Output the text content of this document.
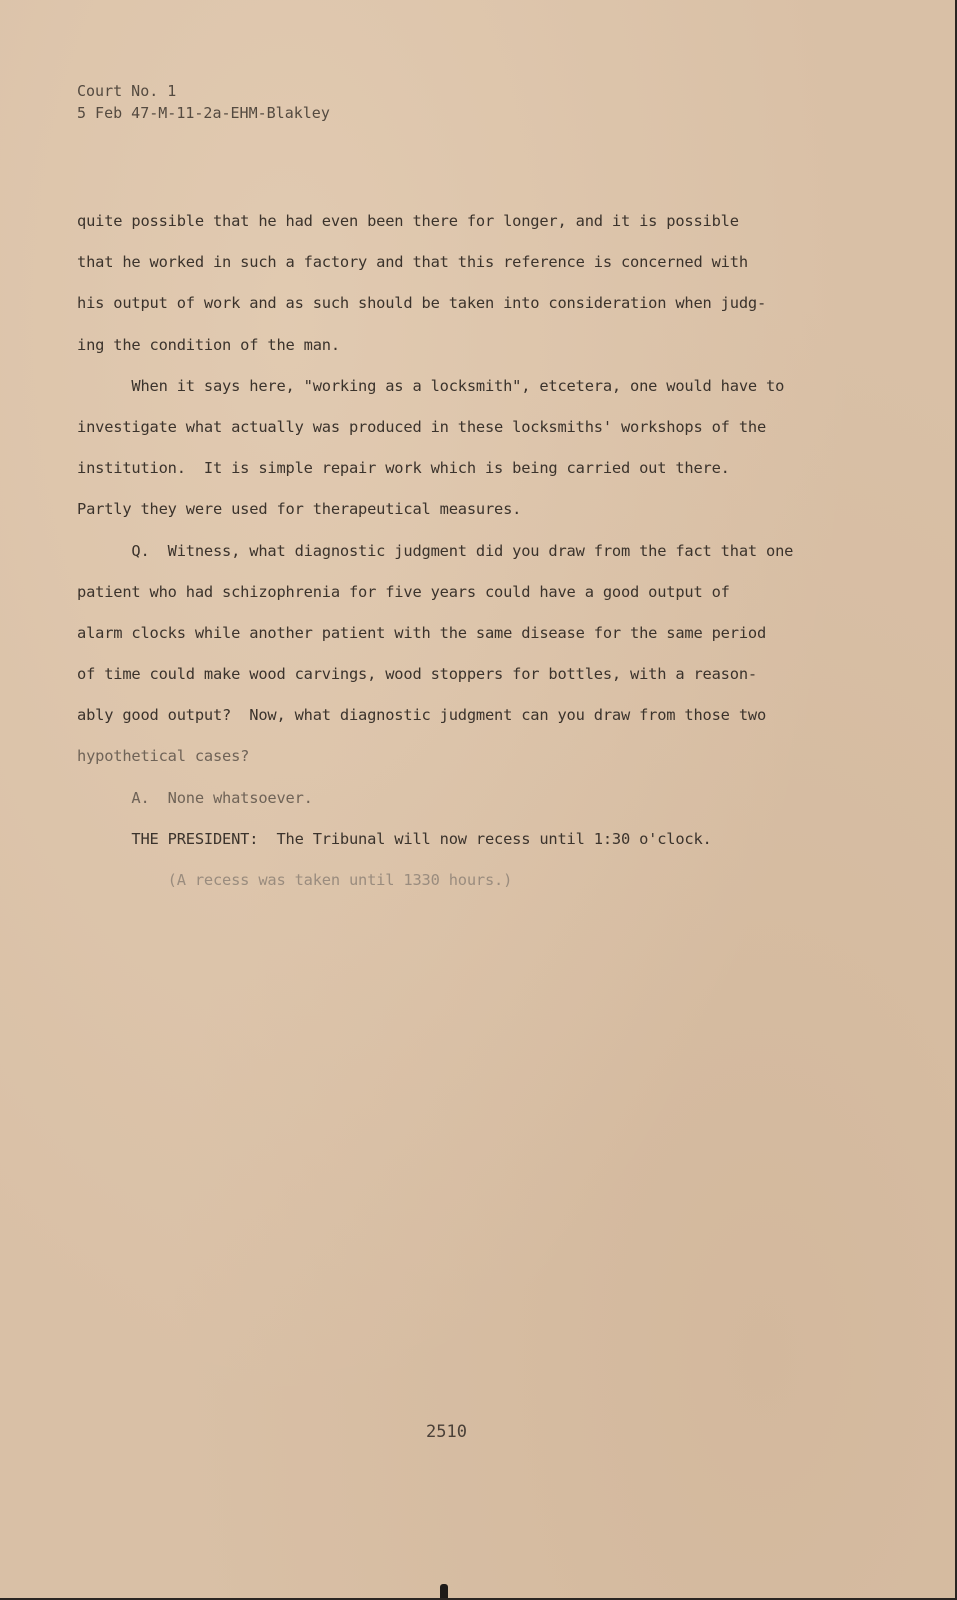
Court No. 1
5 Feb 47-M-11-2a-EHM-Blakley
quite possible that he had even been there for longer, and it is possible
that he worked in such a factory and that this reference is concerned with
his output of work and as such should be taken into consideration when judg-
ing the condition of the man.
When it says here, "working as a locksmith", etcetera, one would have to
investigate what actually was produced in these locksmiths' workshops of the
institution.  It is simple repair work which is being carried out there.
Partly they were used for therapeutical measures.
Q.  Witness, what diagnostic judgment did you draw from the fact that one
patient who had schizophrenia for five years could have a good output of
alarm clocks while another patient with the same disease for the same period
of time could make wood carvings, wood stoppers for bottles, with a reason-
ably good output?  Now, what diagnostic judgment can you draw from those two
hypothetical cases?
A.  None whatsoever.
THE PRESIDENT:  The Tribunal will now recess until 1:30 o'clock.
(A recess was taken until 1330 hours.)
2510
